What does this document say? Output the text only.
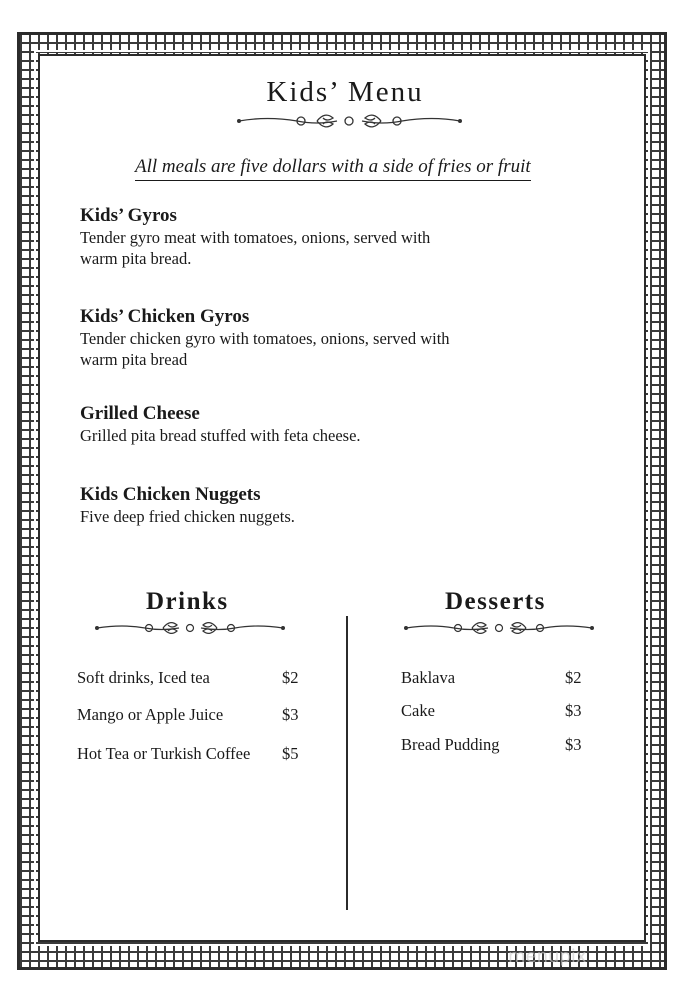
Kids’ Menu
All meals are five dollars with a side of fries or fruit

Kids’ Gyros

Tender gyro meat with tomatoes, onions, served with

warm pita bread.

Kids’ Chicken Gyros

Tender chicken gyro with tomatoes, onions, served with

warm pita bread

Grilled Cheese

Grilled pita bread stuffed with feta cheese.

Kids Chicken Nuggets

Five deep fried chicken nuggets.

Drinks
Soft drinks, Iced tea	$2
Mango or Apple Juice	$3
Hot Tea or Turkish Coffee $5
Desserts
Baklava	$2
Cake	$3
Bread Pudding	$3
menupix
